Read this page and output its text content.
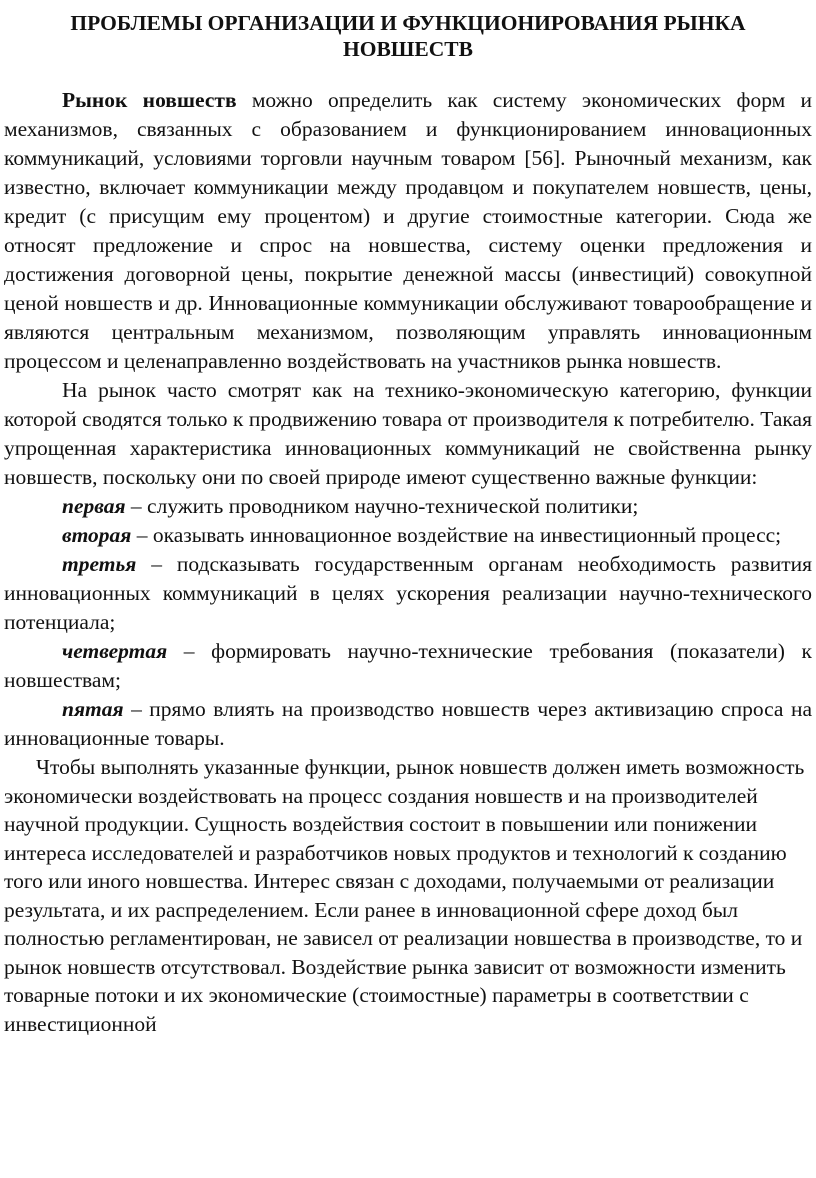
ПРОБЛЕМЫ ОРГАНИЗАЦИИ И ФУНКЦИОНИРОВАНИЯ РЫНКА НОВШЕСТВ

Рынок новшеств можно определить как систему экономических форм и механизмов, связанных с образованием и функционированием инновационных коммуникаций, условиями торговли научным товаром [56]. Рыночный механизм, как известно, включает коммуникации между продавцом и покупателем новшеств, цены, кредит (с присущим ему процентом) и другие стоимостные категории. Сюда же относят предложение и спрос на новшества, систему оценки предложения и достижения договорной цены, покрытие денежной массы (инвестиций) совокупной ценой новшеств и др. Инновационные коммуникации обслуживают товарообращение и являются центральным механизмом, позволяющим управлять инновационным процессом и целенаправленно воздействовать на участников рынка новшеств.

На рынок часто смотрят как на технико-экономическую категорию, функции которой сводятся только к продвижению товара от производителя к потребителю. Такая упрощенная характеристика инновационных коммуникаций не свойственна рынку новшеств, поскольку они по своей природе имеют существенно важные функции:

первая – служить проводником научно-технической политики;

вторая – оказывать инновационное воздействие на инвестиционный процесс;

третья – подсказывать государственным органам необходимость развития инновационных коммуникаций в целях ускорения реализации научно-технического потенциала;

четвертая – формировать научно-технические требования (показатели) к новшествам;

пятая – прямо влиять на производство новшеств через активизацию спроса на инновационные товары.

Чтобы выполнять указанные функции, рынок новшеств должен иметь возможность экономически воздействовать на процесс создания новшеств и на производителей научной продукции. Сущность воздействия состоит в повышении или понижении интереса исследователей и разработчиков новых продуктов и технологий к созданию того или иного новшества. Интерес связан с доходами, получаемыми от реализации результата, и их распределением. Если ранее в инновационной сфере доход был полностью регламентирован, не зависел от реализации новшества в производстве, то и рынок новшеств отсутствовал. Воздействие рынка зависит от возможности изменить товарные потоки и их экономические (стоимостные) параметры в соответствии с инвестиционной
